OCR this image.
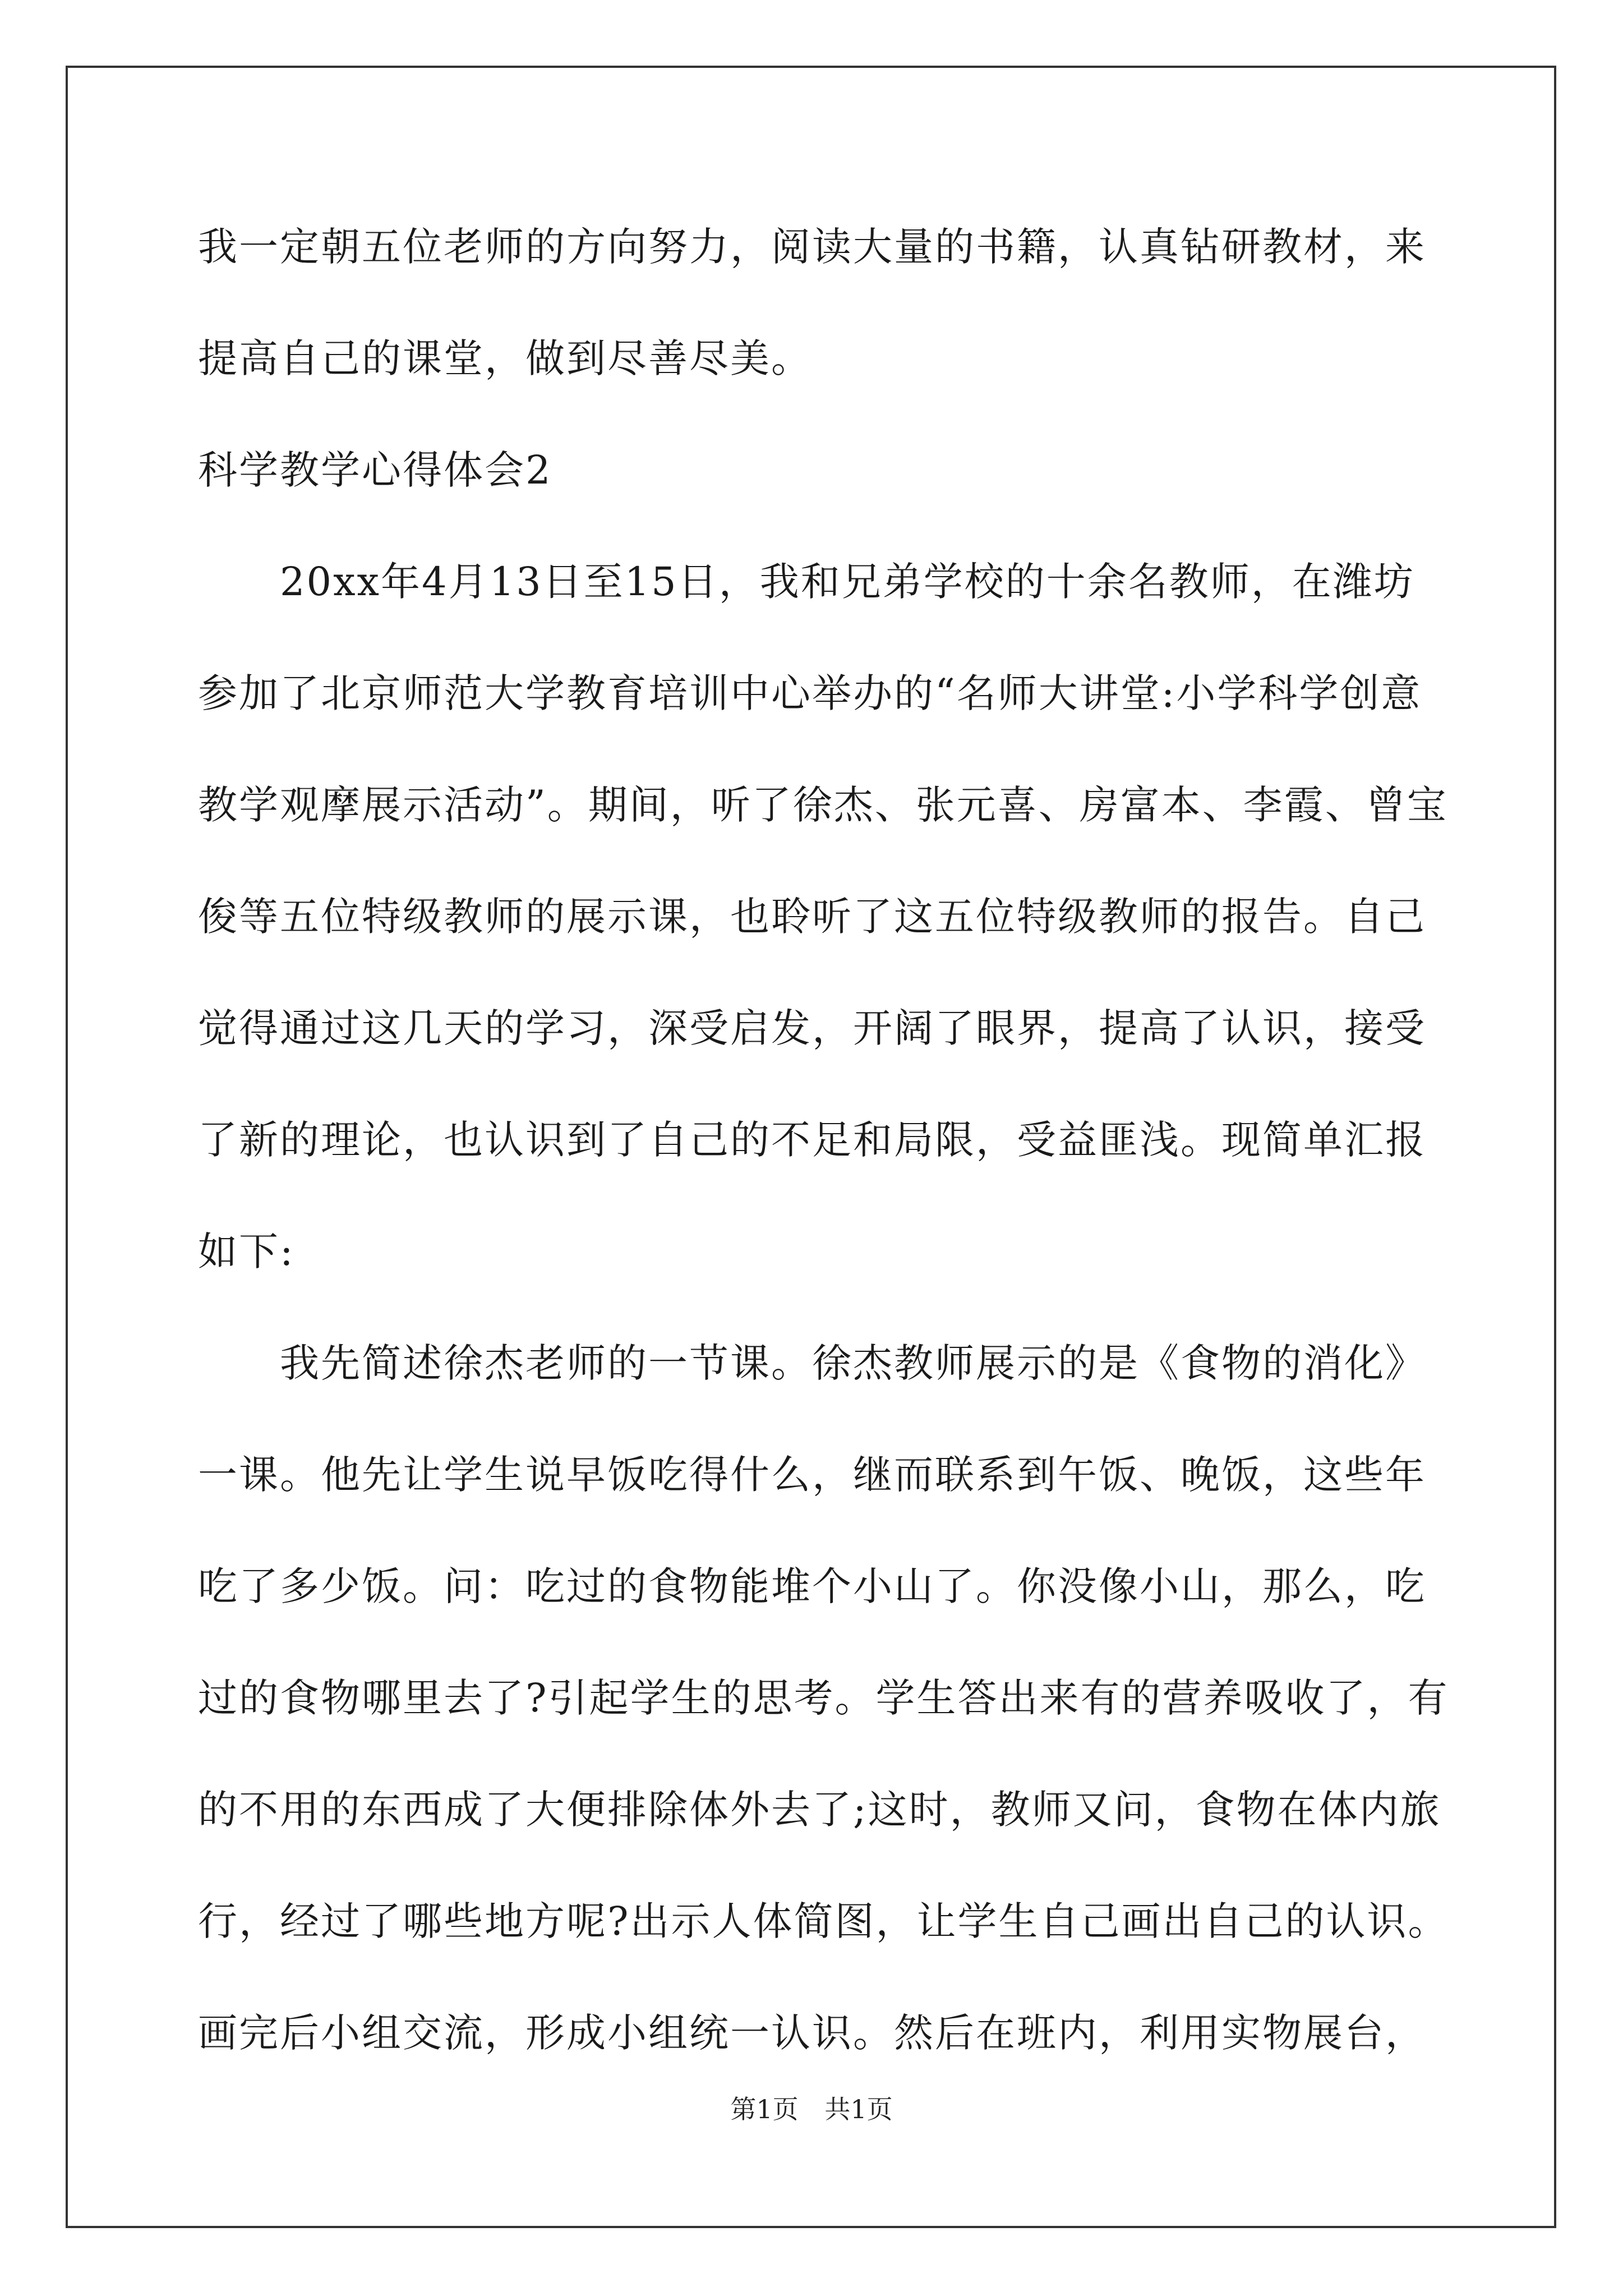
我一定朝五位老师的方向努力，阅读大量的书籍，认真钻研教材，来
提高自己的课堂，做到尽善尽美。
科学教学心得体会2
　　20xx年4月13日至15日，我和兄弟学校的十余名教师，在潍坊
参加了北京师范大学教育培训中心举办的“名师大讲堂:小学科学创意
教学观摩展示活动”。期间，听了徐杰、张元喜、房富本、李霞、曾宝
俊等五位特级教师的展示课，也聆听了这五位特级教师的报告。自己
觉得通过这几天的学习，深受启发，开阔了眼界，提高了认识，接受
了新的理论，也认识到了自己的不足和局限，受益匪浅。现简单汇报
如下:
　　我先简述徐杰老师的一节课。徐杰教师展示的是《食物的消化》
一课。他先让学生说早饭吃得什么，继而联系到午饭、晚饭，这些年
吃了多少饭。问：吃过的食物能堆个小山了。你没像小山，那么，吃
过的食物哪里去了?引起学生的思考。学生答出来有的营养吸收了，有
的不用的东西成了大便排除体外去了;这时，教师又问，食物在体内旅
行，经过了哪些地方呢?出示人体简图，让学生自己画出自己的认识。
画完后小组交流，形成小组统一认识。然后在班内，利用实物展台，
第1页 共1页
